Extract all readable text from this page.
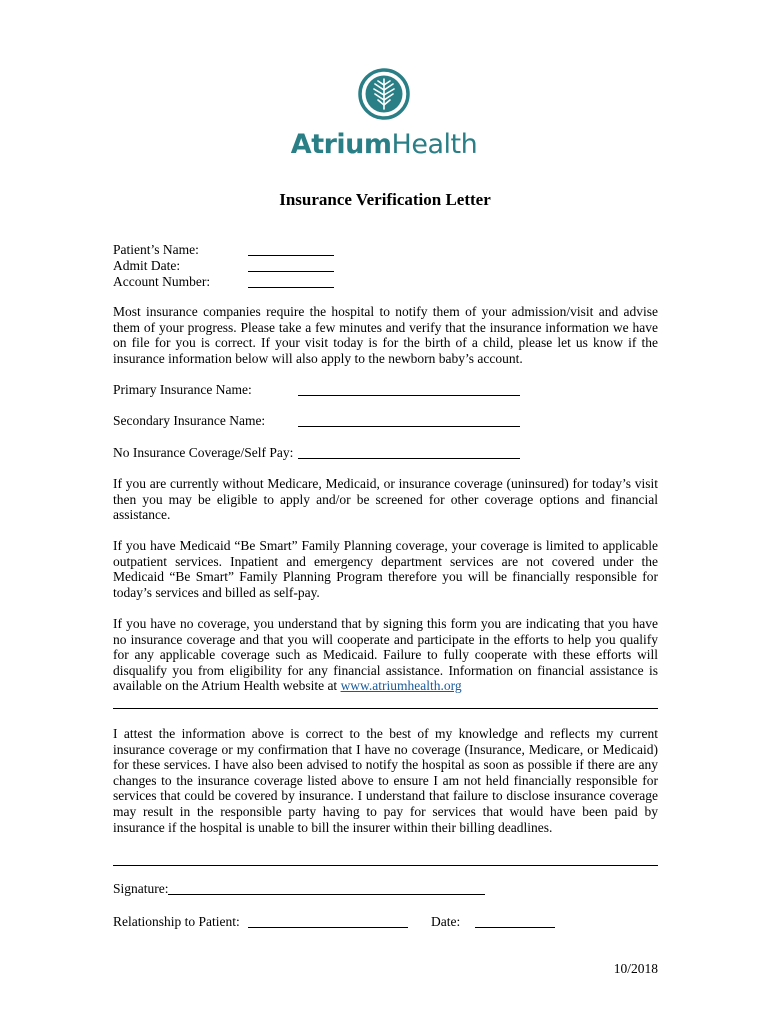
AtriumHealth
Insurance Verification Letter
Patient’s Name:
Admit Date:
Account Number:

Most insurance companies require the hospital to notify them of your admission/visit and advise them of your progress. Please take a few minutes and verify that the insurance information we have on file for you is correct. If your visit today is for the birth of a child, please let us know if the insurance information below will also apply to the newborn baby’s account.

Primary Insurance Name:
Secondary Insurance Name:
No Insurance Coverage/Self Pay:

If you are currently without Medicare, Medicaid, or insurance coverage (uninsured) for today’s visit then you may be eligible to apply and/or be screened for other coverage options and financial assistance.

If you have Medicaid “Be Smart” Family Planning coverage, your coverage is limited to applicable outpatient services. Inpatient and emergency department services are not covered under the Medicaid “Be Smart” Family Planning Program therefore you will be financially responsible for today’s services and billed as self-pay.

If you have no coverage, you understand that by signing this form you are indicating that you have no insurance coverage and that you will cooperate and participate in the efforts to help you qualify for any applicable coverage such as Medicaid. Failure to fully cooperate with these efforts will disqualify you from eligibility for any financial assistance. Information on financial assistance is available on the Atrium Health website at www.atriumhealth.org

I attest the information above is correct to the best of my knowledge and reflects my current insurance coverage or my confirmation that I have no coverage (Insurance, Medicare, or Medicaid) for these services. I have also been advised to notify the hospital as soon as possible if there are any changes to the insurance coverage listed above to ensure I am not held financially responsible for services that could be covered by insurance. I understand that failure to disclose insurance coverage may result in the responsible party having to pay for services that would have been paid by insurance if the hospital is unable to bill the insurer within their billing deadlines.

Signature:
Relationship to Patient:	Date:
10/2018
